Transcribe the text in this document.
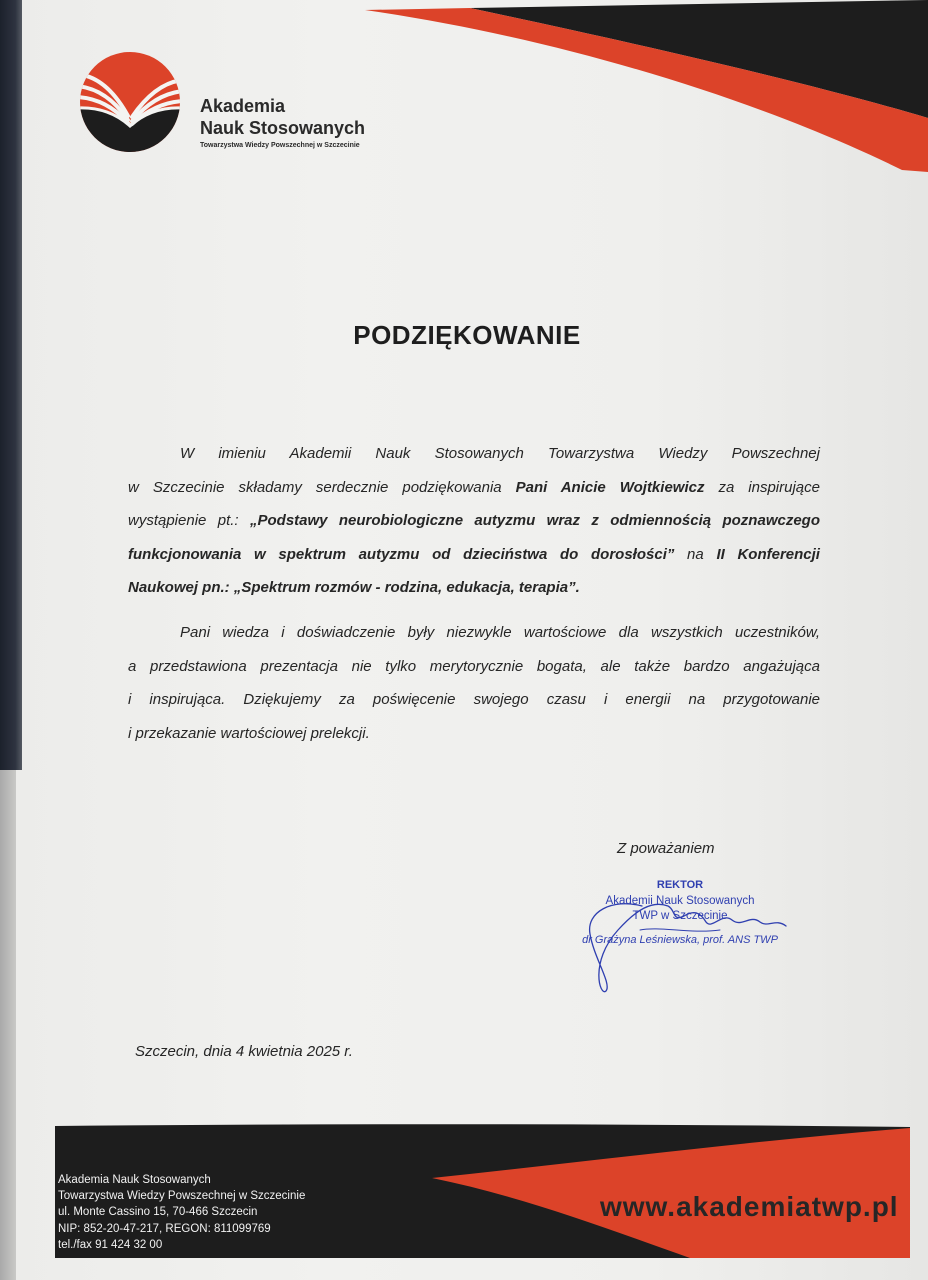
Akademia
Nauk Stosowanych
Towarzystwa Wiedzy Powszechnej w Szczecinie
PODZIĘKOWANIE
W imieniu Akademii Nauk Stosowanych Towarzystwa Wiedzy Powszechnej
w Szczecinie składamy serdecznie podziękowania Pani Anicie Wojtkiewicz za inspirujące
wystąpienie pt.: „Podstawy neurobiologiczne autyzmu wraz z odmiennością poznawczego
funkcjonowania w spektrum autyzmu od dzieciństwa do dorosłości” na II Konferencji
Naukowej pn.: „Spektrum rozmów - rodzina, edukacja, terapia”.
Pani wiedza i doświadczenie były niezwykle wartościowe dla wszystkich uczestników,
a przedstawiona prezentacja nie tylko merytorycznie bogata, ale także bardzo angażująca
i inspirująca. Dziękujemy za poświęcenie swojego czasu i energii na przygotowanie
i przekazanie wartościowej prelekcji.
Z poważaniem
REKTOR
Akademii Nauk Stosowanych
TWP w Szczecinie
dr Grażyna Leśniewska, prof. ANS TWP
Szczecin, dnia 4 kwietnia 2025 r.
Akademia Nauk Stosowanych
Towarzystwa Wiedzy Powszechnej w Szczecinie
ul. Monte Cassino 15, 70-466 Szczecin
NIP: 852-20-47-217, REGON: 811099769
tel./fax 91 424 32 00
www.akademiatwp.pl
